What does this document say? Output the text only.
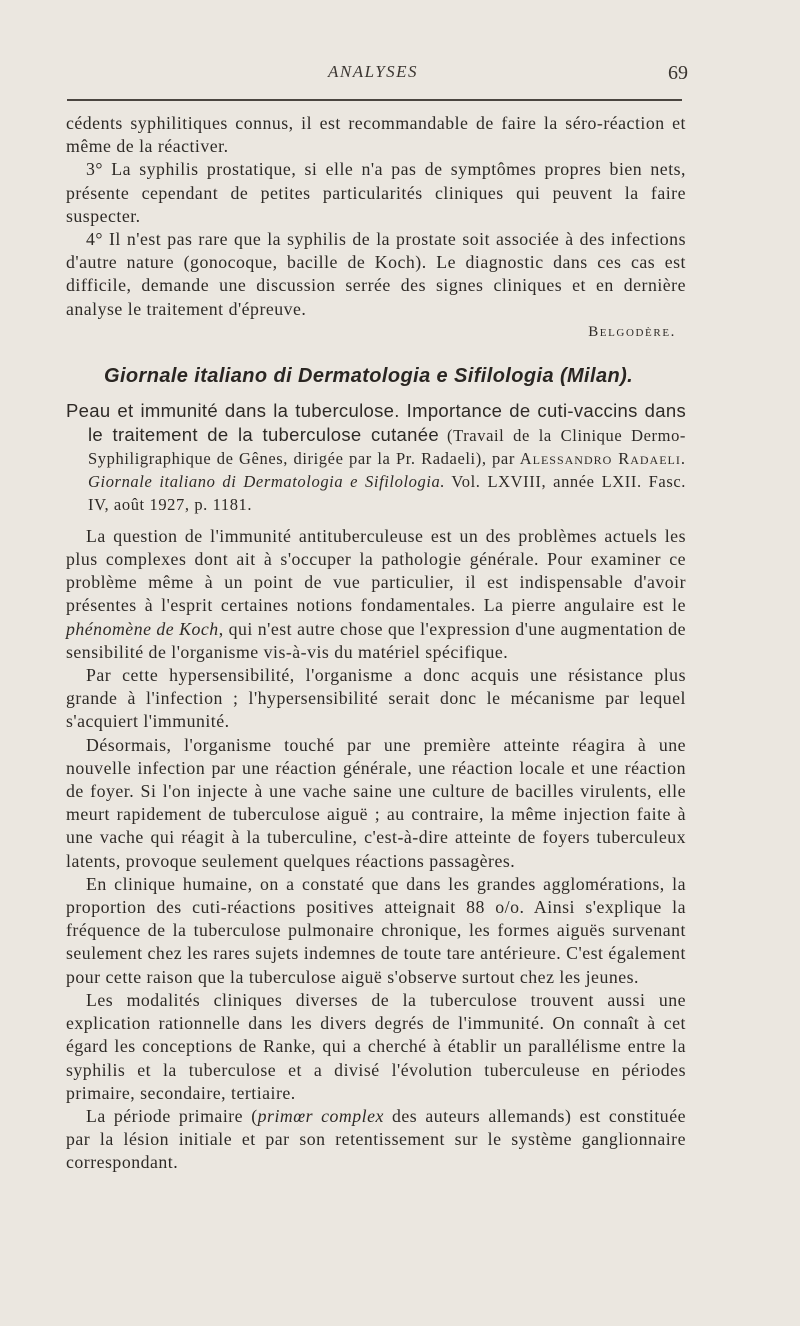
ANALYSES	69

cédents syphilitiques connus, il est recommandable de faire la séro-réaction et même de la réactiver.

3° La syphilis prostatique, si elle n'a pas de symptômes propres bien nets, présente cependant de petites particularités cliniques qui peuvent la faire suspecter.

4° Il n'est pas rare que la syphilis de la prostate soit associée à des infections d'autre nature (gonocoque, bacille de Koch). Le diagnostic dans ces cas est difficile, demande une discussion serrée des signes cliniques et en dernière analyse le traitement d'épreuve.

Belgodère.

Giornale italiano di Dermatologia e Sifilologia (Milan).

Peau et immunité dans la tuberculose. Importance de cuti-vaccins dans le traitement de la tuberculose cutanée (Travail de la Clinique Dermo-Syphiligraphique de Gênes, dirigée par la Pr. Radaeli), par Alessandro Radaeli. Giornale italiano di Dermatologia e Sifilologia. Vol. LXVIII, année LXII. Fasc. IV, août 1927, p. 1181.

La question de l'immunité antituberculeuse est un des problèmes actuels les plus complexes dont ait à s'occuper la pathologie générale. Pour examiner ce problème même à un point de vue particulier, il est indispensable d'avoir présentes à l'esprit certaines notions fondamentales. La pierre angulaire est le phénomène de Koch, qui n'est autre chose que l'expression d'une augmentation de sensibilité de l'organisme vis-à-vis du matériel spécifique.

Par cette hypersensibilité, l'organisme a donc acquis une résistance plus grande à l'infection ; l'hypersensibilité serait donc le mécanisme par lequel s'acquiert l'immunité.

Désormais, l'organisme touché par une première atteinte réagira à une nouvelle infection par une réaction générale, une réaction locale et une réaction de foyer. Si l'on injecte à une vache saine une culture de bacilles virulents, elle meurt rapidement de tuberculose aiguë ; au contraire, la même injection faite à une vache qui réagit à la tuberculine, c'est-à-dire atteinte de foyers tuberculeux latents, provoque seulement quelques réactions passagères.

En clinique humaine, on a constaté que dans les grandes agglomérations, la proportion des cuti-réactions positives atteignait 88 o/o. Ainsi s'explique la fréquence de la tuberculose pulmonaire chronique, les formes aiguës survenant seulement chez les rares sujets indemnes de toute tare antérieure. C'est également pour cette raison que la tuberculose aiguë s'observe surtout chez les jeunes.

Les modalités cliniques diverses de la tuberculose trouvent aussi une explication rationnelle dans les divers degrés de l'immunité. On connaît à cet égard les conceptions de Ranke, qui a cherché à établir un parallélisme entre la syphilis et la tuberculose et a divisé l'évolution tuberculeuse en périodes primaire, secondaire, tertiaire.

La période primaire (primœr complex des auteurs allemands) est constituée par la lésion initiale et par son retentissement sur le système ganglionnaire correspondant.
